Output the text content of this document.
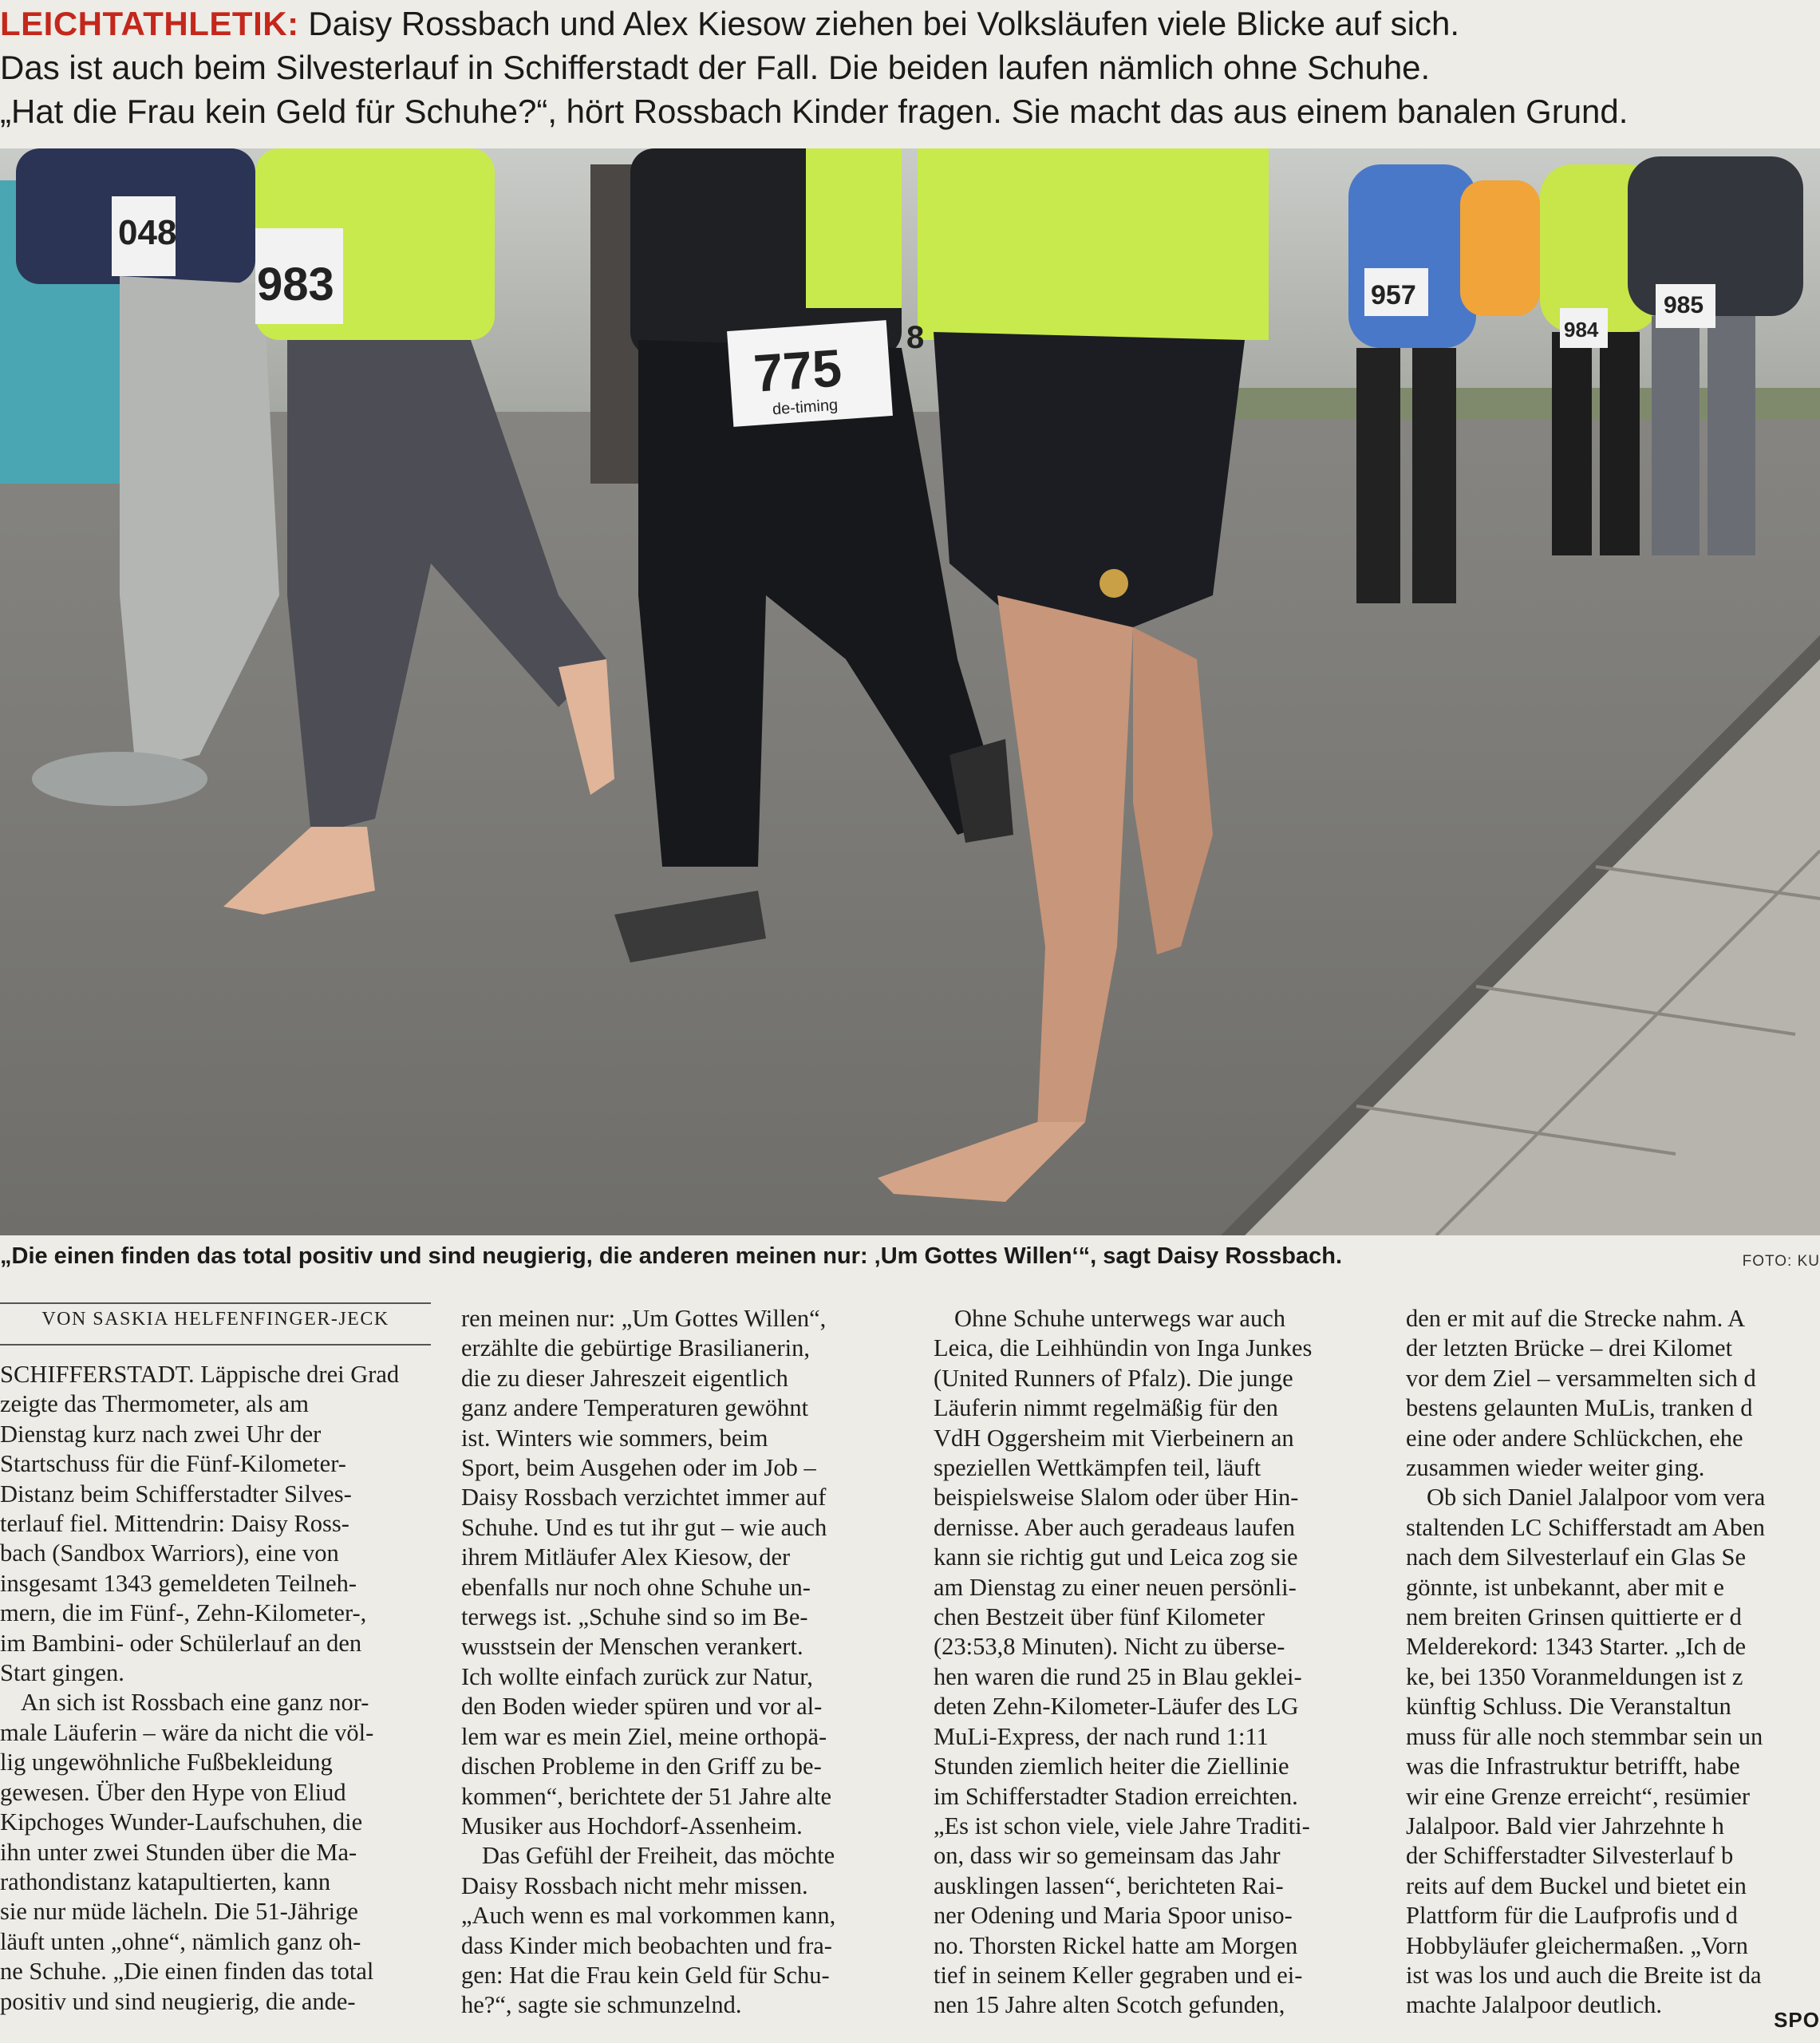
LEICHTATHLETIK: Daisy Rossbach und Alex Kiesow ziehen bei Volksläufen viele Blicke auf sich.
Das ist auch beim Silvesterlauf in Schifferstadt der Fall. Die beiden laufen nämlich ohne Schuhe.
„Hat die Frau kein Geld für Schuhe?“, hört Rossbach Kinder fragen. Sie macht das aus einem banalen Grund.
048
983
775
de-timing
957
984
985
8
„Die einen finden das total positiv und sind neugierig, die anderen meinen nur: ‚Um Gottes Willen‘“, sagt Daisy Rossbach.	FOTO: KU
VON SASKIA HELFENFINGER-JECK

SCHIFFERSTADT. Läppische drei Grad

zeigte das Thermometer, als am

Dienstag kurz nach zwei Uhr der

Startschuss für die Fünf-Kilometer-

Distanz beim Schifferstadter Silves-

terlauf fiel. Mittendrin: Daisy Ross-

bach (Sandbox Warriors), eine von

insgesamt 1343 gemeldeten Teilneh-

mern, die im Fünf-, Zehn-Kilometer-,

im Bambini- oder Schülerlauf an den

Start gingen.

An sich ist Rossbach eine ganz nor-

male Läuferin – wäre da nicht die völ-

lig ungewöhnliche Fußbekleidung

gewesen. Über den Hype von Eliud

Kipchoges Wunder-Laufschuhen, die

ihn unter zwei Stunden über die Ma-

rathondistanz katapultierten, kann

sie nur müde lächeln. Die 51-Jährige

läuft unten „ohne“, nämlich ganz oh-

ne Schuhe. „Die einen finden das total

positiv und sind neugierig, die ande-

ren meinen nur: „Um Gottes Willen“,

erzählte die gebürtige Brasilianerin,

die zu dieser Jahreszeit eigentlich

ganz andere Temperaturen gewöhnt

ist. Winters wie sommers, beim

Sport, beim Ausgehen oder im Job –

Daisy Rossbach verzichtet immer auf

Schuhe. Und es tut ihr gut – wie auch

ihrem Mitläufer Alex Kiesow, der

ebenfalls nur noch ohne Schuhe un-

terwegs ist. „Schuhe sind so im Be-

wusstsein der Menschen verankert.

Ich wollte einfach zurück zur Natur,

den Boden wieder spüren und vor al-

lem war es mein Ziel, meine orthopä-

dischen Probleme in den Griff zu be-

kommen“, berichtete der 51 Jahre alte

Musiker aus Hochdorf-Assenheim.

Das Gefühl der Freiheit, das möchte

Daisy Rossbach nicht mehr missen.

„Auch wenn es mal vorkommen kann,

dass Kinder mich beobachten und fra-

gen: Hat die Frau kein Geld für Schu-

he?“, sagte sie schmunzelnd.

Ohne Schuhe unterwegs war auch

Leica, die Leihhündin von Inga Junkes

(United Runners of Pfalz). Die junge

Läuferin nimmt regelmäßig für den

VdH Oggersheim mit Vierbeinern an

speziellen Wettkämpfen teil, läuft

beispielsweise Slalom oder über Hin-

dernisse. Aber auch geradeaus laufen

kann sie richtig gut und Leica zog sie

am Dienstag zu einer neuen persönli-

chen Bestzeit über fünf Kilometer

(23:53,8 Minuten). Nicht zu überse-

hen waren die rund 25 in Blau geklei-

deten Zehn-Kilometer-Läufer des LG

MuLi-Express, der nach rund 1:11

Stunden ziemlich heiter die Ziellinie

im Schifferstadter Stadion erreichten.

„Es ist schon viele, viele Jahre Traditi-

on, dass wir so gemeinsam das Jahr

ausklingen lassen“, berichteten Rai-

ner Odening und Maria Spoor uniso-

no. Thorsten Rickel hatte am Morgen

tief in seinem Keller gegraben und ei-

nen 15 Jahre alten Scotch gefunden,

den er mit auf die Strecke nahm. A

der letzten Brücke – drei Kilomet

vor dem Ziel – versammelten sich d

bestens gelaunten MuLis, tranken d

eine oder andere Schlückchen, ehe

zusammen wieder weiter ging.

Ob sich Daniel Jalalpoor vom vera

staltenden LC Schifferstadt am Aben

nach dem Silvesterlauf ein Glas Se

gönnte, ist unbekannt, aber mit e

nem breiten Grinsen quittierte er d

Melderekord: 1343 Starter. „Ich de

ke, bei 1350 Voranmeldungen ist z

künftig Schluss. Die Veranstaltun

muss für alle noch stemmbar sein un

was die Infrastruktur betrifft, habe

wir eine Grenze erreicht“, resümier

Jalalpoor. Bald vier Jahrzehnte h

der Schifferstadter Silvesterlauf b

reits auf dem Buckel und bietet ein

Plattform für die Laufprofis und d

Hobbyläufer gleichermaßen. „Vorn

ist was los und auch die Breite ist da

machte Jalalpoor deutlich.

SPO
